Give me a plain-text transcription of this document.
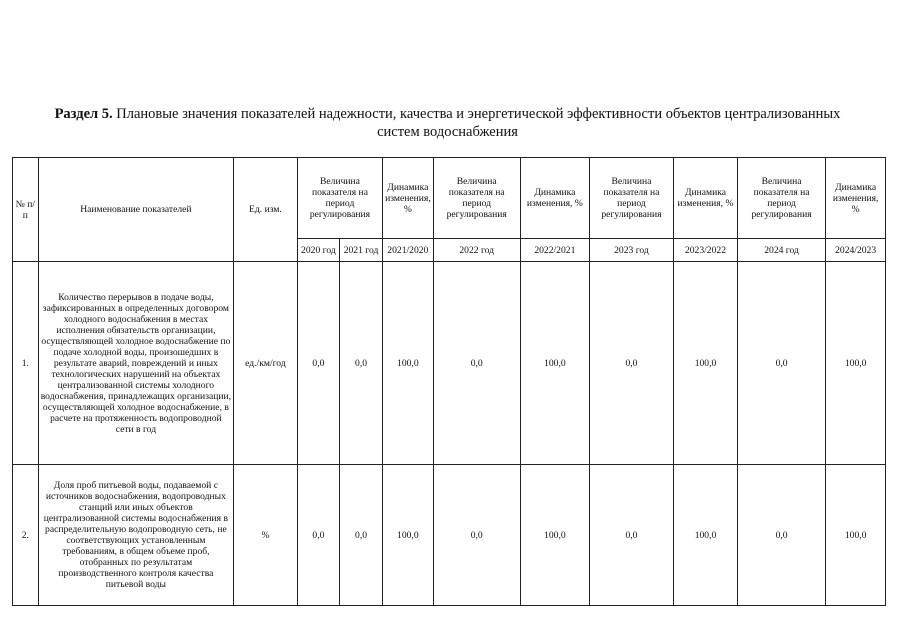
Раздел 5. Плановые значения показателей надежности, качества и энергетической эффективности объектов централизованных систем водоснабжения
№ п/п	Наименование показателей	Ед. изм.	Величина показателя на период регулирования		Динамика изменения, %	Величина показателя на период регулирования	Динамика изменения, %	Величина показателя на период регулирования	Динамика изменения, %	Величина показателя на период регулирования	Динамика изменения, %
			2020 год	2021 год	2021/2020	2022 год	2022/2021	2023 год	2023/2022	2024 год	2024/2023
1.	Количество перерывов в подаче воды, зафиксированных в определенных договором холодного водоснабжения в местах исполнения обязательств организации, осуществляющей холодное водоснабжение по подаче холодной воды, произошедших в результате аварий, повреждений и иных технологических нарушений на объектах централизованной системы холодного водоснабжения, принадлежащих организации, осуществляющей холодное водоснабжение, в расчете на протяженность водопроводной сети в год	ед./км/год	0,0	0,0	100,0	0,0	100,0	0,0	100,0	0,0	100,0
2.	Доля проб питьевой воды, подаваемой с источников водоснабжения, водопроводных станций или иных объектов централизованной системы водоснабжения в распределительную водопроводную сеть, не соответствующих установленным требованиям, в общем объеме проб, отобранных по результатам производственного контроля качества питьевой воды	%	0,0	0,0	100,0	0,0	100,0	0,0	100,0	0,0	100,0
